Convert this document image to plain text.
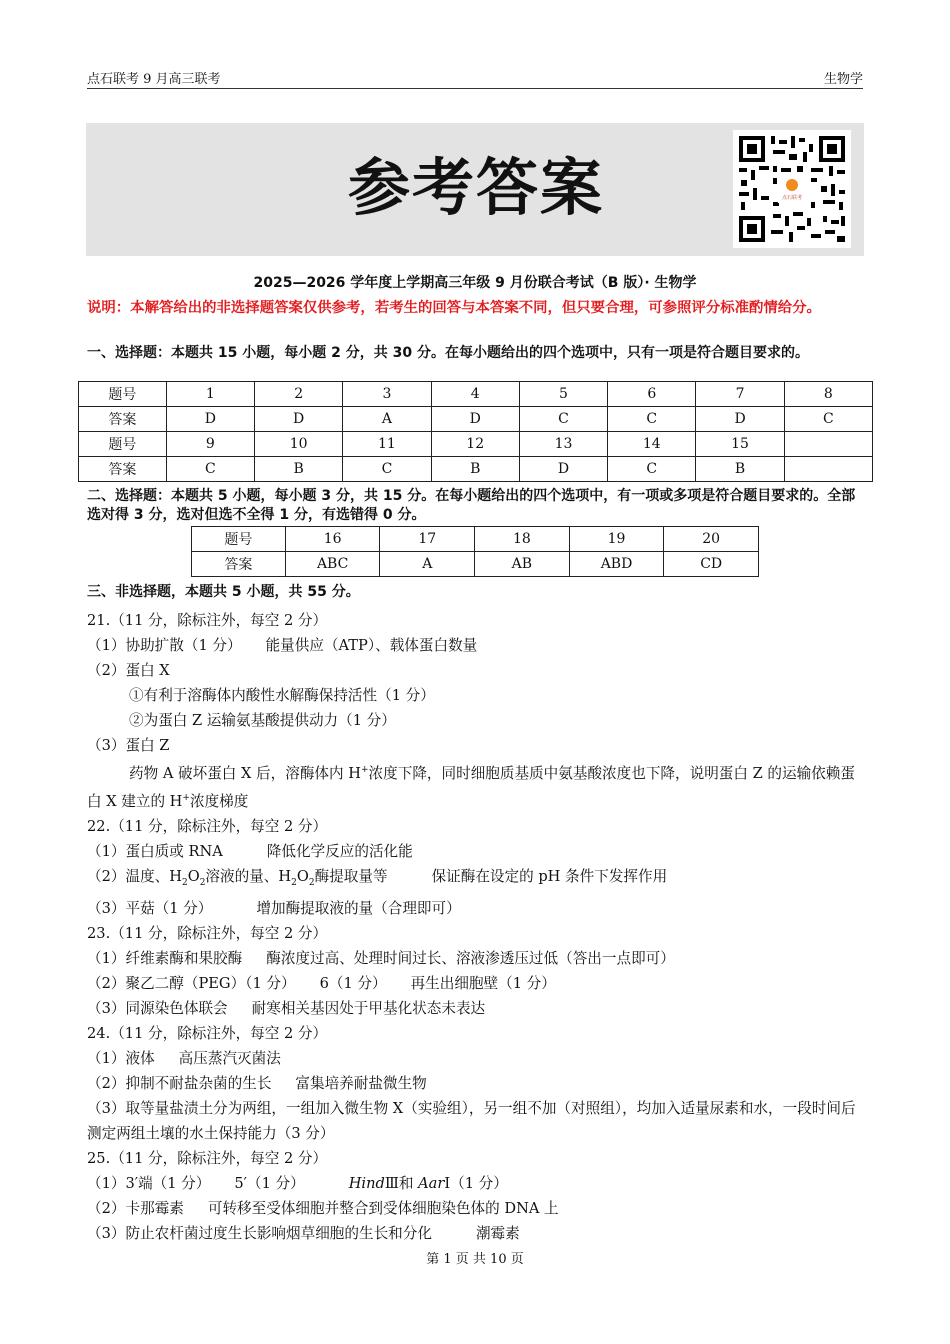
点石联考 9 月高三联考	生物学
参考答案	点石联考
2025—2026 学年度上学期高三年级 9 月份联合考试（B 版）· 生物学
说明：本解答给出的非选择题答案仅供参考，若考生的回答与本答案不同，但只要合理，可参照评分标准酌情给分。
一、选择题：本题共 15 小题，每小题 2 分，共 30 分。在每小题给出的四个选项中，只有一项是符合题目要求的。
题号	1	2	3	4	5	6	7	8
答案	D	D	A	D	C	C	D	C
题号	9	10	11	12	13	14	15	
答案	C	B	C	B	D	C	B	
二、选择题：本题共 5 小题，每小题 3 分，共 15 分。在每小题给出的四个选项中，有一项或多项是符合题目要求的。全部选对得 3 分，选对但选不全得 1 分，有选错得 0 分。
题号	16	17	18	19	20
答案	ABC	A	AB	ABD	CD
三、非选择题，本题共 5 小题，共 55 分。

21.（11 分，除标注外，每空 2 分）

（1）协助扩散（1 分） 能量供应（ATP）、载体蛋白数量

（2）蛋白 X

①有利于溶酶体内酸性水解酶保持活性（1 分）

②为蛋白 Z 运输氨基酸提供动力（1 分）

（3）蛋白 Z

药物 A 破坏蛋白 X 后，溶酶体内 H+浓度下降，同时细胞质基质中氨基酸浓度也下降，说明蛋白 Z 的运输依赖蛋白 X 建立的 H+浓度梯度

22.（11 分，除标注外，每空 2 分）

（1）蛋白质或 RNA	降低化学反应的活化能

（2）温度、$H_2O_2$溶液的量、$H_2O_2$酶提取量等	保证酶在设定的 pH 条件下发挥作用

（3）平菇（1 分）	增加酶提取液的量（合理即可）

23.（11 分，除标注外，每空 2 分）

（1）纤维素酶和果胶酶 酶浓度过高、处理时间过长、溶液渗透压过低（答出一点即可）

（2）聚乙二醇（PEG）（1 分） 6（1 分） 再生出细胞壁（1 分）

（3）同源染色体联会 耐寒相关基因处于甲基化状态未表达

24.（11 分，除标注外，每空 2 分）

（1）液体 高压蒸汽灭菌法

（2）抑制不耐盐杂菌的生长 富集培养耐盐微生物

（3）取等量盐渍土分为两组，一组加入微生物 X（实验组），另一组不加（对照组），均加入适量尿素和水，一段时间后测定两组土壤的水土保持能力（3 分）

25.（11 分，除标注外，每空 2 分）

（1）3′端（1 分） 5′（1 分）	HindⅢ和 AarⅠ（1 分）

（2）卡那霉素 可转移至受体细胞并整合到受体细胞染色体的 DNA 上

（3）防止农杆菌过度生长影响烟草细胞的生长和分化	潮霉素

第 1 页 共 10 页
